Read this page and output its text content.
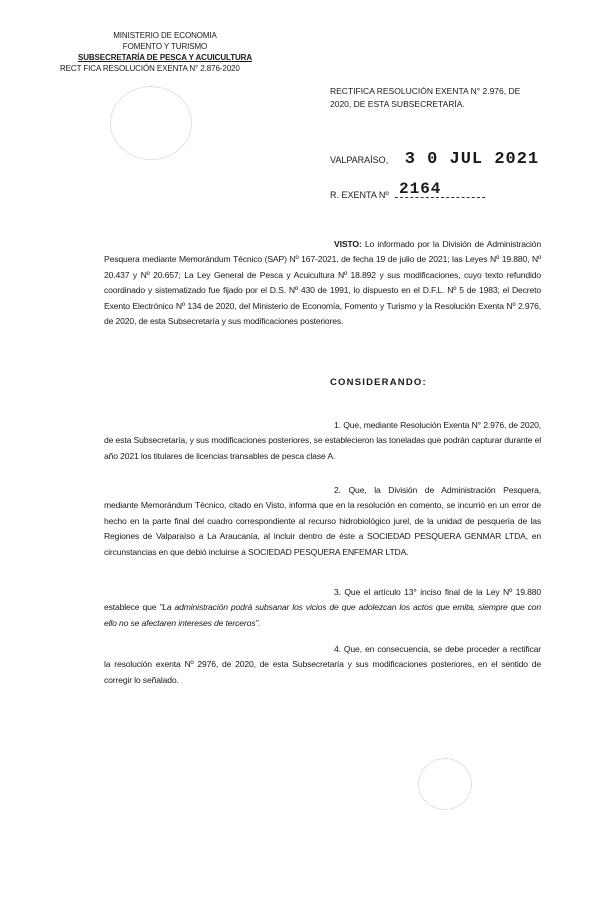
MINISTERIO DE ECONOMIA
FOMENTO Y TURISMO
SUBSECRETARÍA DE PESCA Y ACUICULTURA
RECT FICA RESOLUCIÓN EXENTA N° 2.876-2020
RECTIFICA RESOLUCIÓN EXENTA N° 2.976, DE 2020, DE ESTA SUBSECRETARÍA.
VALPARAÍSO, 3 0 JUL 2021
R. EXENTA Nº 2164
VISTO: Lo informado por la División de Administración Pesquera mediante Memorándum Técnico (SAP) Nº 167-2021, de fecha 19 de julio de 2021; las Leyes Nº 19.880, Nº 20.437 y Nº 20.657; La Ley General de Pesca y Acuicultura Nº 18.892 y sus modificaciones, cuyo texto refundido coordinado y sistematizado fue fijado por el D.S. Nº 430 de 1991, lo dispuesto en el D.F.L. Nº 5 de 1983; el Decreto Exento Electrónico Nº 134 de 2020, del Ministerio de Economía, Fomento y Turismo y la Resolución Exenta Nº 2.976, de 2020, de esta Subsecretaría y sus modificaciones posteriores.
CONSIDERANDO:
1. Que, mediante Resolución Exenta N° 2.976, de 2020, de esta Subsecretaría, y sus modificaciones posteriores, se establecieron las toneladas que podrán capturar durante el año 2021 los titulares de licencias transables de pesca clase A.
2. Que, la División de Administración Pesquera, mediante Memorándum Técnico, citado en Visto, informa que en la resolución en comento, se incurrió en un error de hecho en la parte final del cuadro correspondiente al recurso hidrobiológico jurel, de la unidad de pesquería de las Regiones de Valparaíso a La Araucanía, al incluir dentro de éste a SOCIEDAD PESQUERA GENMAR LTDA, en circunstancias en que debió incluirse a SOCIEDAD PESQUERA ENFEMAR LTDA.
3. Que el artículo 13° inciso final de la Ley Nº 19.880 establece que "La administración podrá subsanar los vicios de que adolezcan los actos que emita, siempre que con ello no se afectaren intereses de terceros".
4. Que, en consecuencia, se debe proceder a rectificar la resolución exenta Nº 2976, de 2020, de esta Subsecretaría y sus modificaciones posteriores, en el sentido de corregir lo señalado.
